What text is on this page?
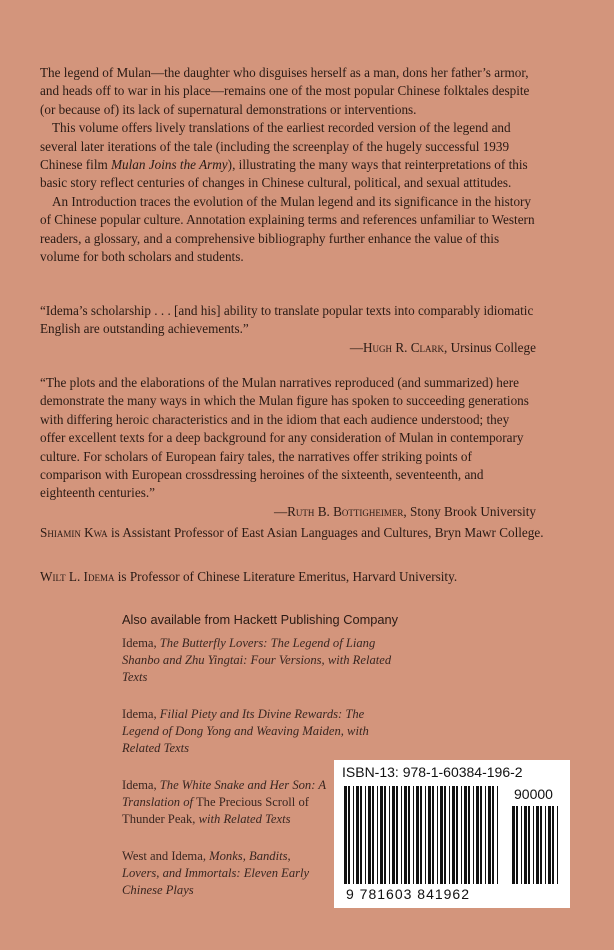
The legend of Mulan—the daughter who disguises herself as a man, dons her father’s armor, and heads off to war in his place—remains one of the most popular Chinese folktales despite (or because of) its lack of supernatural demonstrations or interventions.

This volume offers lively translations of the earliest recorded version of the legend and several later iterations of the tale (including the screenplay of the hugely successful 1939 Chinese film Mulan Joins the Army), illustrating the many ways that reinterpretations of this basic story reflect centuries of changes in Chinese cultural, political, and sexual attitudes.

An Introduction traces the evolution of the Mulan legend and its significance in the history of Chinese popular culture. Annotation explaining terms and references unfamiliar to Western readers, a glossary, and a comprehensive bibliography further enhance the value of this volume for both scholars and students.

“Idema’s scholarship . . . [and his] ability to translate popular texts into comparably idiomatic English are outstanding achievements.”

—Hugh R. Clark, Ursinus College

“The plots and the elaborations of the Mulan narratives reproduced (and summarized) here demonstrate the many ways in which the Mulan figure has spoken to succeeding generations with differing heroic characteristics and in the idiom that each audience understood; they offer excellent texts for a deep background for any consideration of Mulan in contemporary culture. For scholars of European fairy tales, the narratives offer striking points of comparison with European crossdressing heroines of the sixteenth, seventeenth, and eighteenth centuries.”

—Ruth B. Bottigheimer, Stony Brook University

Shiamin Kwa is Assistant Professor of East Asian Languages and Cultures, Bryn Mawr College.

Wilt L. Idema is Professor of Chinese Literature Emeritus, Harvard University.

Also available from Hackett Publishing Company

Idema, The Butterfly Lovers: The Legend of Liang Shanbo and Zhu Yingtai: Four Versions, with Related Texts

Idema, Filial Piety and Its Divine Rewards: The Legend of Dong Yong and Weaving Maiden, with Related Texts

Idema, The White Snake and Her Son: A Translation of The Precious Scroll of Thunder Peak, with Related Texts

West and Idema, Monks, Bandits, Lovers, and Immortals: Eleven Early Chinese Plays

ISBN-13: 978-1-60384-196-2
90000
9 781603 841962
